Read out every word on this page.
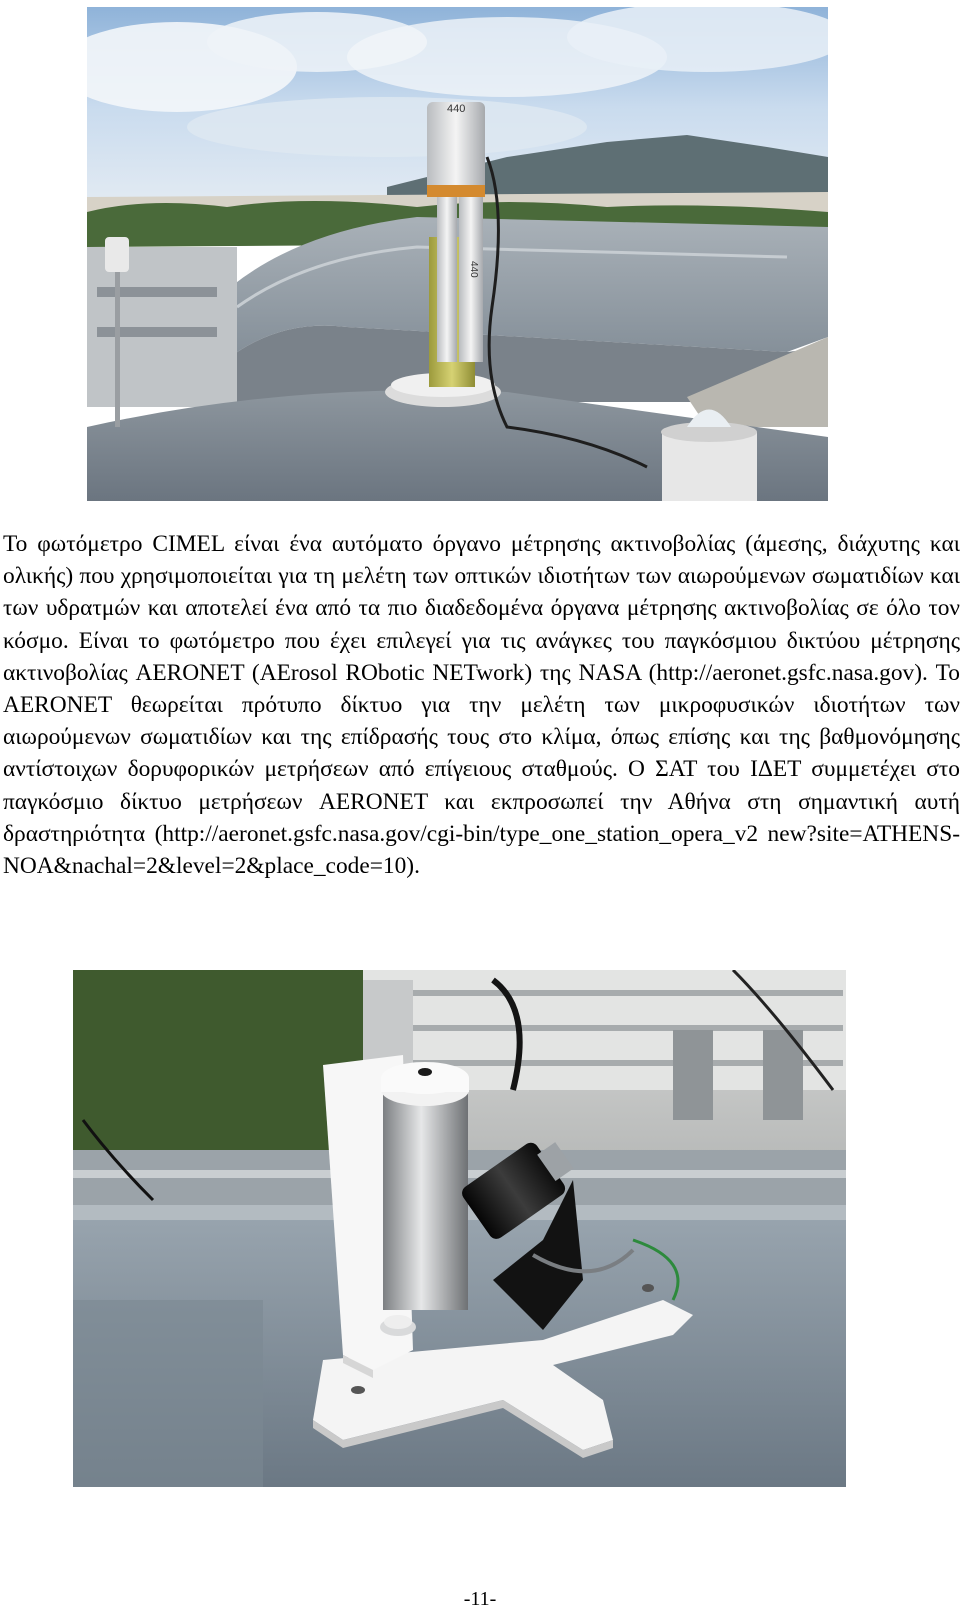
440
440

Το φωτόμετρο CIMEL είναι ένα αυτόματο όργανο μέτρησης ακτινοβολίας (άμεσης, διάχυτης και ολικής) που χρησιμοποιείται για τη μελέτη των οπτικών ιδιοτήτων των αιωρούμενων σωματιδίων και των υδρατμών και αποτελεί ένα από τα πιο διαδεδομένα όργανα μέτρησης ακτινοβολίας σε όλο τον κόσμο. Είναι το φωτόμετρο που έχει επιλεγεί για τις ανάγκες του παγκόσμιου δικτύου μέτρησης ακτινοβολίας AERONET (AErosol RObotic NETwork) της NASA (http://aeronet.gsfc.nasa.gov). Το AERONET θεωρείται πρότυπο δίκτυο για την μελέτη των μικροφυσικών ιδιοτήτων των αιωρούμενων σωματιδίων και της επίδρασής τους στο κλίμα, όπως επίσης και της βαθμονόμησης αντίστοιχων δορυφορικών μετρήσεων από επίγειους σταθμούς. Ο ΣΑΤ του ΙΔΕΤ συμμετέχει στο παγκόσμιο δίκτυο μετρήσεων AERONET και εκπροσωπεί την Αθήνα στη σημαντική αυτή δραστηριότητα (http://aeronet.gsfc.nasa.gov/cgi-bin/type_one_station_opera_v2 new?site=ATHENS-NOA&nachal=2&level=2&place_code=10).

-11-
